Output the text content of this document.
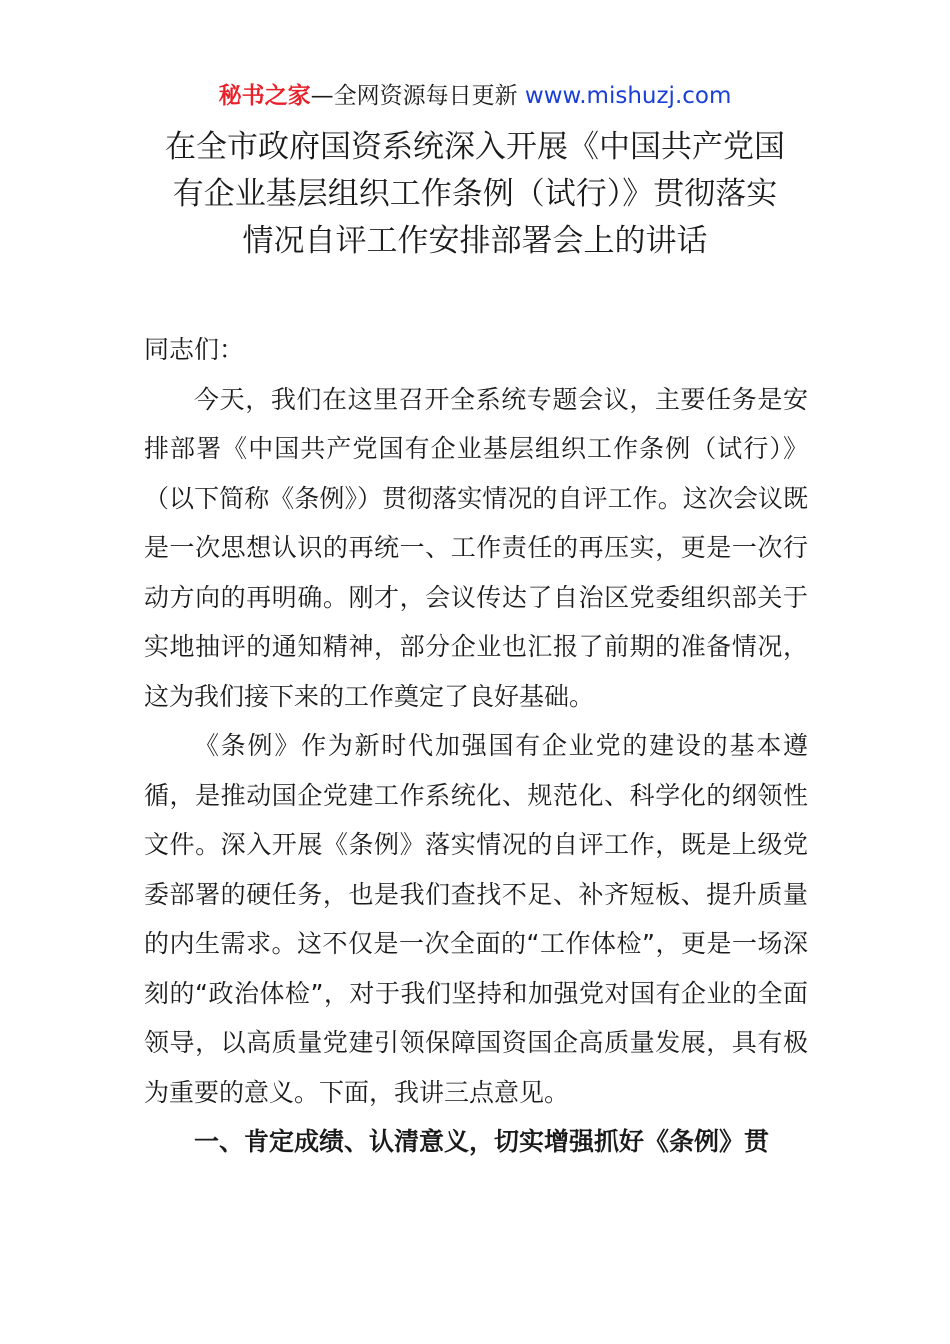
秘书之家—全网资源每日更新 www.mishuzj.com
在全市政府国资系统深入开展《中国共产党国
有企业基层组织工作条例（试行）》贯彻落实
情况自评工作安排部署会上的讲话

同志们：

今天，我们在这里召开全系统专题会议，主要任务是安排部署《中国共产党国有企业基层组织工作条例（试行）》（以下简称《条例》）贯彻落实情况的自评工作。这次会议既是一次思想认识的再统一、工作责任的再压实，更是一次行动方向的再明确。刚才，会议传达了自治区党委组织部关于实地抽评的通知精神，部分企业也汇报了前期的准备情况，这为我们接下来的工作奠定了良好基础。

《条例》作为新时代加强国有企业党的建设的基本遵循，是推动国企党建工作系统化、规范化、科学化的纲领性文件。深入开展《条例》落实情况的自评工作，既是上级党委部署的硬任务，也是我们查找不足、补齐短板、提升质量的内生需求。这不仅是一次全面的“工作体检”，更是一场深刻的“政治体检”，对于我们坚持和加强党对国有企业的全面领导，以高质量党建引领保障国资国企高质量发展，具有极为重要的意义。下面，我讲三点意见。

一、肯定成绩、认清意义，切实增强抓好《条例》贯
